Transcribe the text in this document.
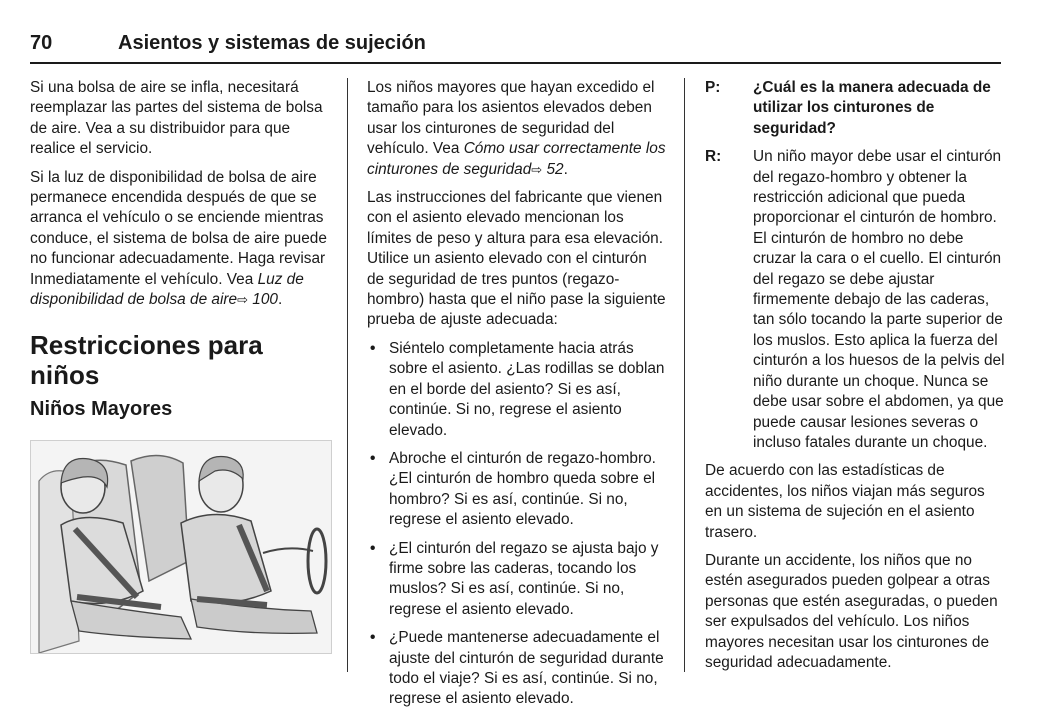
70	Asientos y sistemas de sujeción

Si una bolsa de aire se infla, necesitará reemplazar las partes del sistema de bolsa de aire. Vea a su distribuidor para que realice el servicio.

Si la luz de disponibilidad de bolsa de aire permanece encendida después de que se arranca el vehículo o se enciende mientras conduce, el sistema de bolsa de aire puede no funcionar adecuadamente. Haga revisar Inmediatamente el vehículo. Vea Luz de disponibilidad de bolsa de aire⇨ 100.

Restricciones para niños
Niños Mayores

Los niños mayores que hayan excedido el tamaño para los asientos elevados deben usar los cinturones de seguridad del vehículo. Vea Cómo usar correctamente los cinturones de seguridad⇨ 52.

Las instrucciones del fabricante que vienen con el asiento elevado mencionan los límites de peso y altura para esa elevación. Utilice un asiento elevado con el cinturón de seguridad de tres puntos (regazo-hombro) hasta que el niño pase la siguiente prueba de ajuste adecuada:

• Siéntelo completamente hacia atrás sobre el asiento. ¿Las rodillas se doblan en el borde del asiento? Si es así, continúe. Si no, regrese el asiento elevado.
• Abroche el cinturón de regazo-hombro. ¿El cinturón de hombro queda sobre el hombro? Si es así, continúe. Si no, regrese el asiento elevado.
• ¿El cinturón del regazo se ajusta bajo y firme sobre las caderas, tocando los muslos? Si es así, continúe. Si no, regrese el asiento elevado.
• ¿Puede mantenerse adecuadamente el ajuste del cinturón de seguridad durante todo el viaje? Si es así, continúe. Si no, regrese el asiento elevado.
P: ¿Cuál es la manera adecuada de utilizar los cinturones de seguridad?
R: Un niño mayor debe usar el cinturón del regazo-hombro y obtener la restricción adicional que pueda proporcionar el cinturón de hombro. El cinturón de hombro no debe cruzar la cara o el cuello. El cinturón del regazo se debe ajustar firmemente debajo de las caderas, tan sólo tocando la parte superior de los muslos. Esto aplica la fuerza del cinturón a los huesos de la pelvis del niño durante un choque. Nunca se debe usar sobre el abdomen, ya que puede causar lesiones severas o incluso fatales durante un choque.

De acuerdo con las estadísticas de accidentes, los niños viajan más seguros en un sistema de sujeción en el asiento trasero.

Durante un accidente, los niños que no estén asegurados pueden golpear a otras personas que estén aseguradas, o pueden ser expulsados del vehículo. Los niños mayores necesitan usar los cinturones de seguridad adecuadamente.
